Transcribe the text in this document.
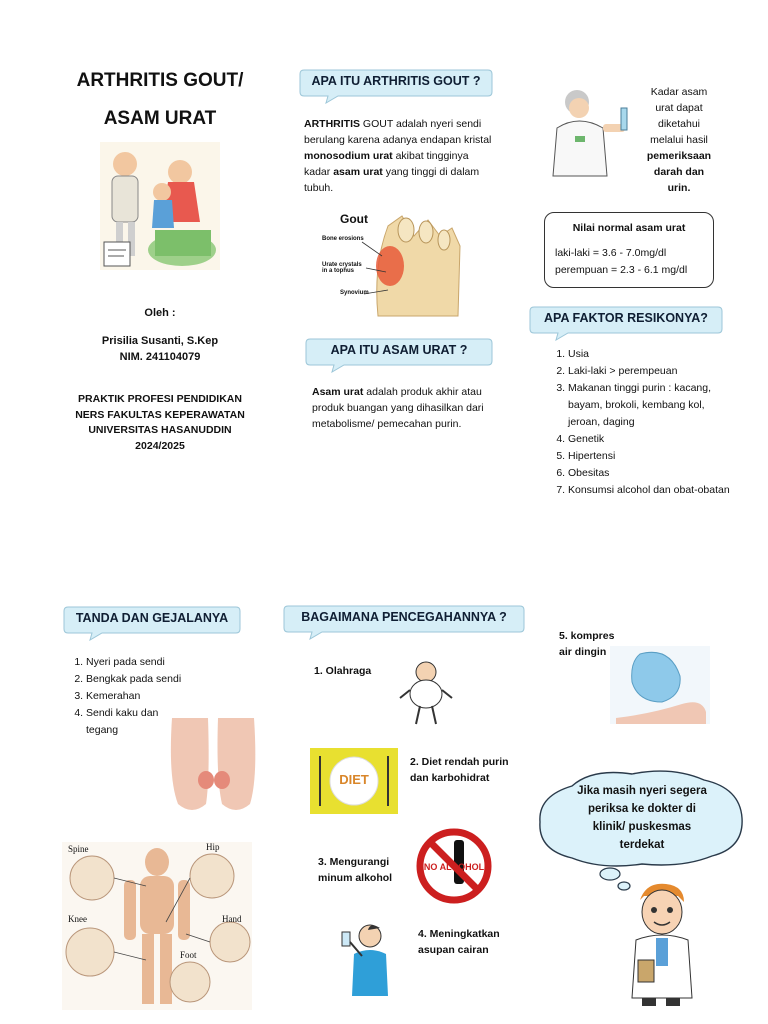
ARTHRITIS GOUT/
ASAM URAT
Oleh :
Prisilia Susanti, S.Kep
NIM. 241104079
PRAKTIK PROFESI PENDIDIKAN
NERS FAKULTAS KEPERAWATAN
UNIVERSITAS HASANUDDIN
2024/2025
APA ITU ARTHRITIS GOUT ?
ARTHRITIS GOUT adalah nyeri sendi berulang karena adanya endapan kristal monosodium urat akibat tingginya kadar asam urat yang tinggi di dalam tubuh.
Gout
Bone erosions
Urate crystals in a tophus
Synovium
APA ITU ASAM URAT ?
Asam urat adalah produk akhir atau produk buangan yang dihasilkan dari metabolisme/ pemecahan purin.
Kadar asam
urat dapat
diketahui
melalui hasil
pemeriksaan
darah dan
urin.
Nilai normal asam urat
laki-laki = 3.6 - 7.0mg/dl
perempuan = 2.3 - 6.1 mg/dl
APA FAKTOR RESIKONYA?
1. Usia
2. Laki-laki > perempeuan
3. Makanan tinggi purin : kacang, bayam, brokoli, kembang kol, jeroan, daging
4. Genetik
5. Hipertensi
6. Obesitas
7. Konsumsi alcohol dan obat-obatan
TANDA DAN GEJALANYA
1. Nyeri pada sendi
2. Bengkak pada sendi
3. Kemerahan
4. Sendi kaku dan tegang
Spine	Hip
Knee	Hand
Foot
BAGAIMANA PENCEGAHANNYA ?
1. Olahraga
DIET
2. Diet rendah purin dan karbohidrat
3. Mengurangi minum alkohol
NO ALCOHOL
4. Meningkatkan asupan cairan
5. kompres air dingin
Jika masih nyeri segera periksa ke dokter di klinik/ puskesmas terdekat
